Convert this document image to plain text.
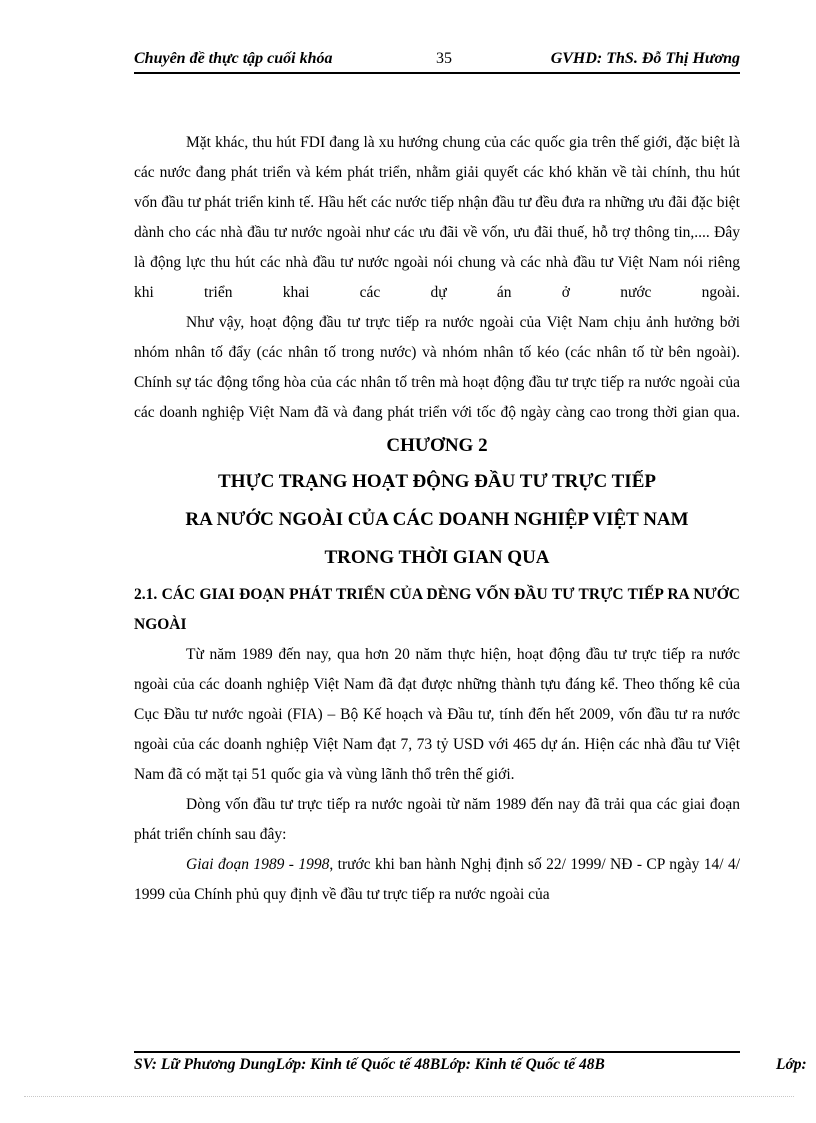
Chuyên đề thực tập cuối khóa	35	GVHD: ThS. Đỗ Thị Hương

Mặt khác, thu hút FDI đang là xu hướng chung của các quốc gia trên thế giới, đặc biệt là các nước đang phát triển và kém phát triển, nhằm giải quyết các khó khăn về tài chính, thu hút vốn đầu tư phát triển kinh tế. Hầu hết các nước tiếp nhận đầu tư đều đưa ra những ưu đãi đặc biệt dành cho các nhà đầu tư nước ngoài như các ưu đãi về vốn, ưu đãi thuế, hỗ trợ thông tin,.... Đây là động lực thu hút các nhà đầu tư nước ngoài nói chung và các nhà đầu tư Việt Nam nói riêng khi triển khai các dự án ở nước ngoài.

Như vậy, hoạt động đầu tư trực tiếp ra nước ngoài của Việt Nam chịu ảnh hưởng bởi nhóm nhân tố đẩy (các nhân tố trong nước) và nhóm nhân tố kéo (các nhân tố từ bên ngoài). Chính sự tác động tổng hòa của các nhân tố trên mà hoạt động đầu tư trực tiếp ra nước ngoài của các doanh nghiệp Việt Nam đã và đang phát triển với tốc độ ngày càng cao trong thời gian qua.

CHƯƠNG 2

THỰC TRẠNG HOẠT ĐỘNG ĐẦU TƯ TRỰC TIẾP

RA NƯỚC NGOÀI CỦA CÁC DOANH NGHIỆP VIỆT NAM

TRONG THỜI GIAN QUA

2.1. CÁC GIAI ĐOẠN PHÁT TRIỂN CỦA DÈNG VỐN ĐẦU TƯ TRỰC TIẾP RA NƯỚC NGOÀI

Từ năm 1989 đến nay, qua hơn 20 năm thực hiện, hoạt động đầu tư trực tiếp ra nước ngoài của các doanh nghiệp Việt Nam đã đạt được những thành tựu đáng kể. Theo thống kê của Cục Đầu tư nước ngoài (FIA) – Bộ Kế hoạch và Đầu tư, tính đến hết 2009, vốn đầu tư ra nước ngoài của các doanh nghiệp Việt Nam đạt 7, 73 tỷ USD với 465 dự án. Hiện các nhà đầu tư Việt Nam đã có mặt tại 51 quốc gia và vùng lãnh thổ trên thế giới.

Dòng vốn đầu tư trực tiếp ra nước ngoài từ năm 1989 đến nay đã trải qua các giai đoạn phát triển chính sau đây:

Giai đoạn 1989 - 1998, trước khi ban hành Nghị định số 22/ 1999/ NĐ - CP ngày 14/ 4/ 1999 của Chính phủ quy định về đầu tư trực tiếp ra nước ngoài của

SV: Lữ Phương DungLớp: Kinh tế Quốc tế 48BLớp: Kinh tế Quốc tế 48B	Lớp:
